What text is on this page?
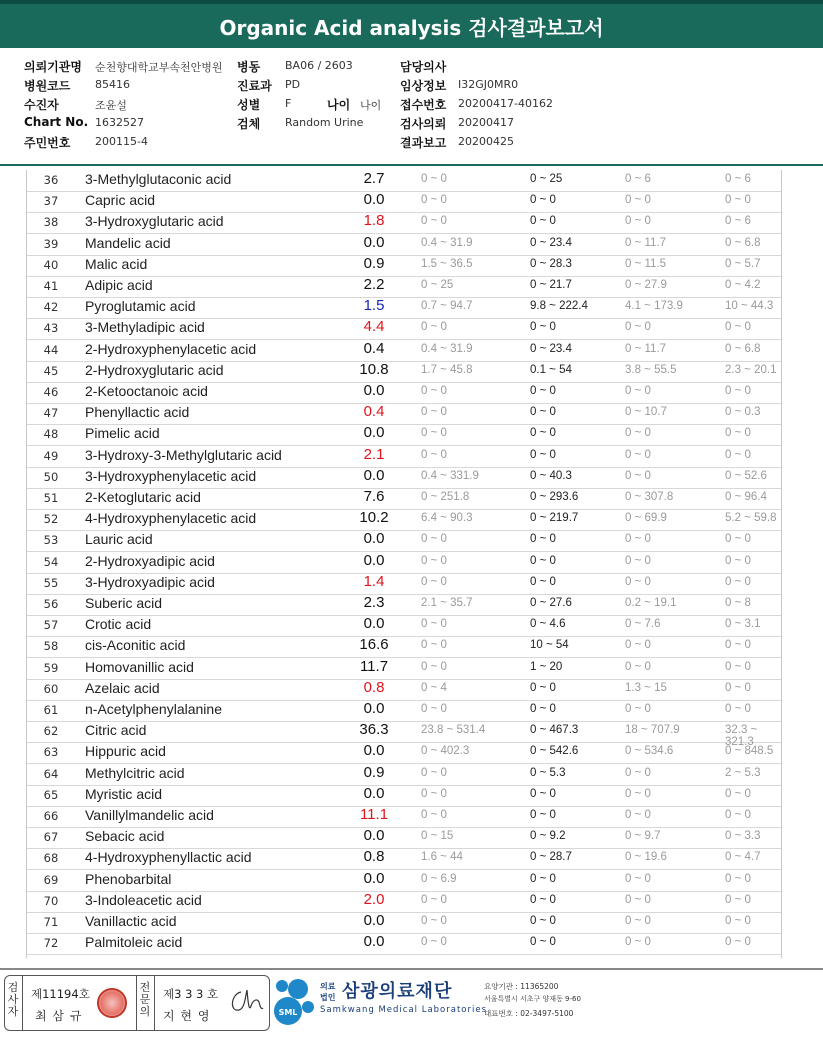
Organic Acid analysis 검사결과보고서
의뢰기관명 순천향대학교부속천안병원 병동 BA06 / 2603	담당의사
병원코드 85416	진료과 PD	임상정보 I32GJ0MR0
수진자	조윤설	성별 F	나이 나이 접수번호 20200417-40162
Chart No. 1632527	검체 Random Urine	검사의뢰 20200417
주민번호 200115-4	결과보고 20200425
36	3-Methylglutaconic acid	2.7	0 ~ 0	0 ~ 25	0 ~ 6	0 ~ 6
37	Capric acid	0.0	0 ~ 0	0 ~ 0	0 ~ 0	0 ~ 0
38	3-Hydroxyglutaric acid	1.8	0 ~ 0	0 ~ 0	0 ~ 0	0 ~ 6
39	Mandelic acid	0.0	0.4 ~ 31.9	0 ~ 23.4	0 ~ 11.7	0 ~ 6.8
40	Malic acid	0.9	1.5 ~ 36.5	0 ~ 28.3	0 ~ 11.5	0 ~ 5.7
41	Adipic acid	2.2	0 ~ 25	0 ~ 21.7	0 ~ 27.9	0 ~ 4.2
42	Pyroglutamic acid	1.5	0.7 ~ 94.7	9.8 ~ 222.4	4.1 ~ 173.9	10 ~ 44.3
43	3-Methyladipic acid	4.4	0 ~ 0	0 ~ 0	0 ~ 0	0 ~ 0
44	2-Hydroxyphenylacetic acid	0.4	0.4 ~ 31.9	0 ~ 23.4	0 ~ 11.7	0 ~ 6.8
45	2-Hydroxyglutaric acid	10.8	1.7 ~ 45.8	0.1 ~ 54	3.8 ~ 55.5	2.3 ~ 20.1
46	2-Ketooctanoic acid	0.0	0 ~ 0	0 ~ 0	0 ~ 0	0 ~ 0
47	Phenyllactic acid	0.4	0 ~ 0	0 ~ 0	0 ~ 10.7	0 ~ 0.3
48	Pimelic acid	0.0	0 ~ 0	0 ~ 0	0 ~ 0	0 ~ 0
49	3-Hydroxy-3-Methylglutaric acid	2.1	0 ~ 0	0 ~ 0	0 ~ 0	0 ~ 0
50	3-Hydroxyphenylacetic acid	0.0	0.4 ~ 331.9	0 ~ 40.3	0 ~ 0	0 ~ 52.6
51	2-Ketoglutaric acid	7.6	0 ~ 251.8	0 ~ 293.6	0 ~ 307.8	0 ~ 96.4
52	4-Hydroxyphenylacetic acid	10.2	6.4 ~ 90.3	0 ~ 219.7	0 ~ 69.9	5.2 ~ 59.8
53	Lauric acid	0.0	0 ~ 0	0 ~ 0	0 ~ 0	0 ~ 0
54	2-Hydroxyadipic acid	0.0	0 ~ 0	0 ~ 0	0 ~ 0	0 ~ 0
55	3-Hydroxyadipic acid	1.4	0 ~ 0	0 ~ 0	0 ~ 0	0 ~ 0
56	Suberic acid	2.3	2.1 ~ 35.7	0 ~ 27.6	0.2 ~ 19.1	0 ~ 8
57	Crotic acid	0.0	0 ~ 0	0 ~ 4.6	0 ~ 7.6	0 ~ 3.1
58	cis-Aconitic acid	16.6	0 ~ 0	10 ~ 54	0 ~ 0	0 ~ 0
59	Homovanillic acid	11.7	0 ~ 0	1 ~ 20	0 ~ 0	0 ~ 0
60	Azelaic acid	0.8	0 ~ 4	0 ~ 0	1.3 ~ 15	0 ~ 0
61	n-Acetylphenylalanine	0.0	0 ~ 0	0 ~ 0	0 ~ 0	0 ~ 0
62	Citric acid	36.3	23.8 ~ 531.4	0 ~ 467.3	18 ~ 707.9	32.3 ~ 321.3
63	Hippuric acid	0.0	0 ~ 402.3	0 ~ 542.6	0 ~ 534.6	0 ~ 848.5
64	Methylcitric acid	0.9	0 ~ 0	0 ~ 5.3	0 ~ 0	2 ~ 5.3
65	Myristic acid	0.0	0 ~ 0	0 ~ 0	0 ~ 0	0 ~ 0
66	Vanillylmandelic acid	11.1	0 ~ 0	0 ~ 0	0 ~ 0	0 ~ 0
67	Sebacic acid	0.0	0 ~ 15	0 ~ 9.2	0 ~ 9.7	0 ~ 3.3
68	4-Hydroxyphenyllactic acid	0.8	1.6 ~ 44	0 ~ 28.7	0 ~ 19.6	0 ~ 4.7
69	Phenobarbital	0.0	0 ~ 6.9	0 ~ 0	0 ~ 0	0 ~ 0
70	3-Indoleacetic acid	2.0	0 ~ 0	0 ~ 0	0 ~ 0	0 ~ 0
71	Vanillactic acid	0.0	0 ~ 0	0 ~ 0	0 ~ 0	0 ~ 0
72	Palmitoleic acid	0.0	0 ~ 0	0 ~ 0	0 ~ 0	0 ~ 0
검사자
제11194호
최 삼 규
전문의
제3 3 3 호
지 현 영	SML
의료
법인 삼광의료재단
Samkwang Medical Laboratories
요양기관 : 11365200
서울특별시 서초구 양재동 9-60
대표번호 : 02-3497-5100
